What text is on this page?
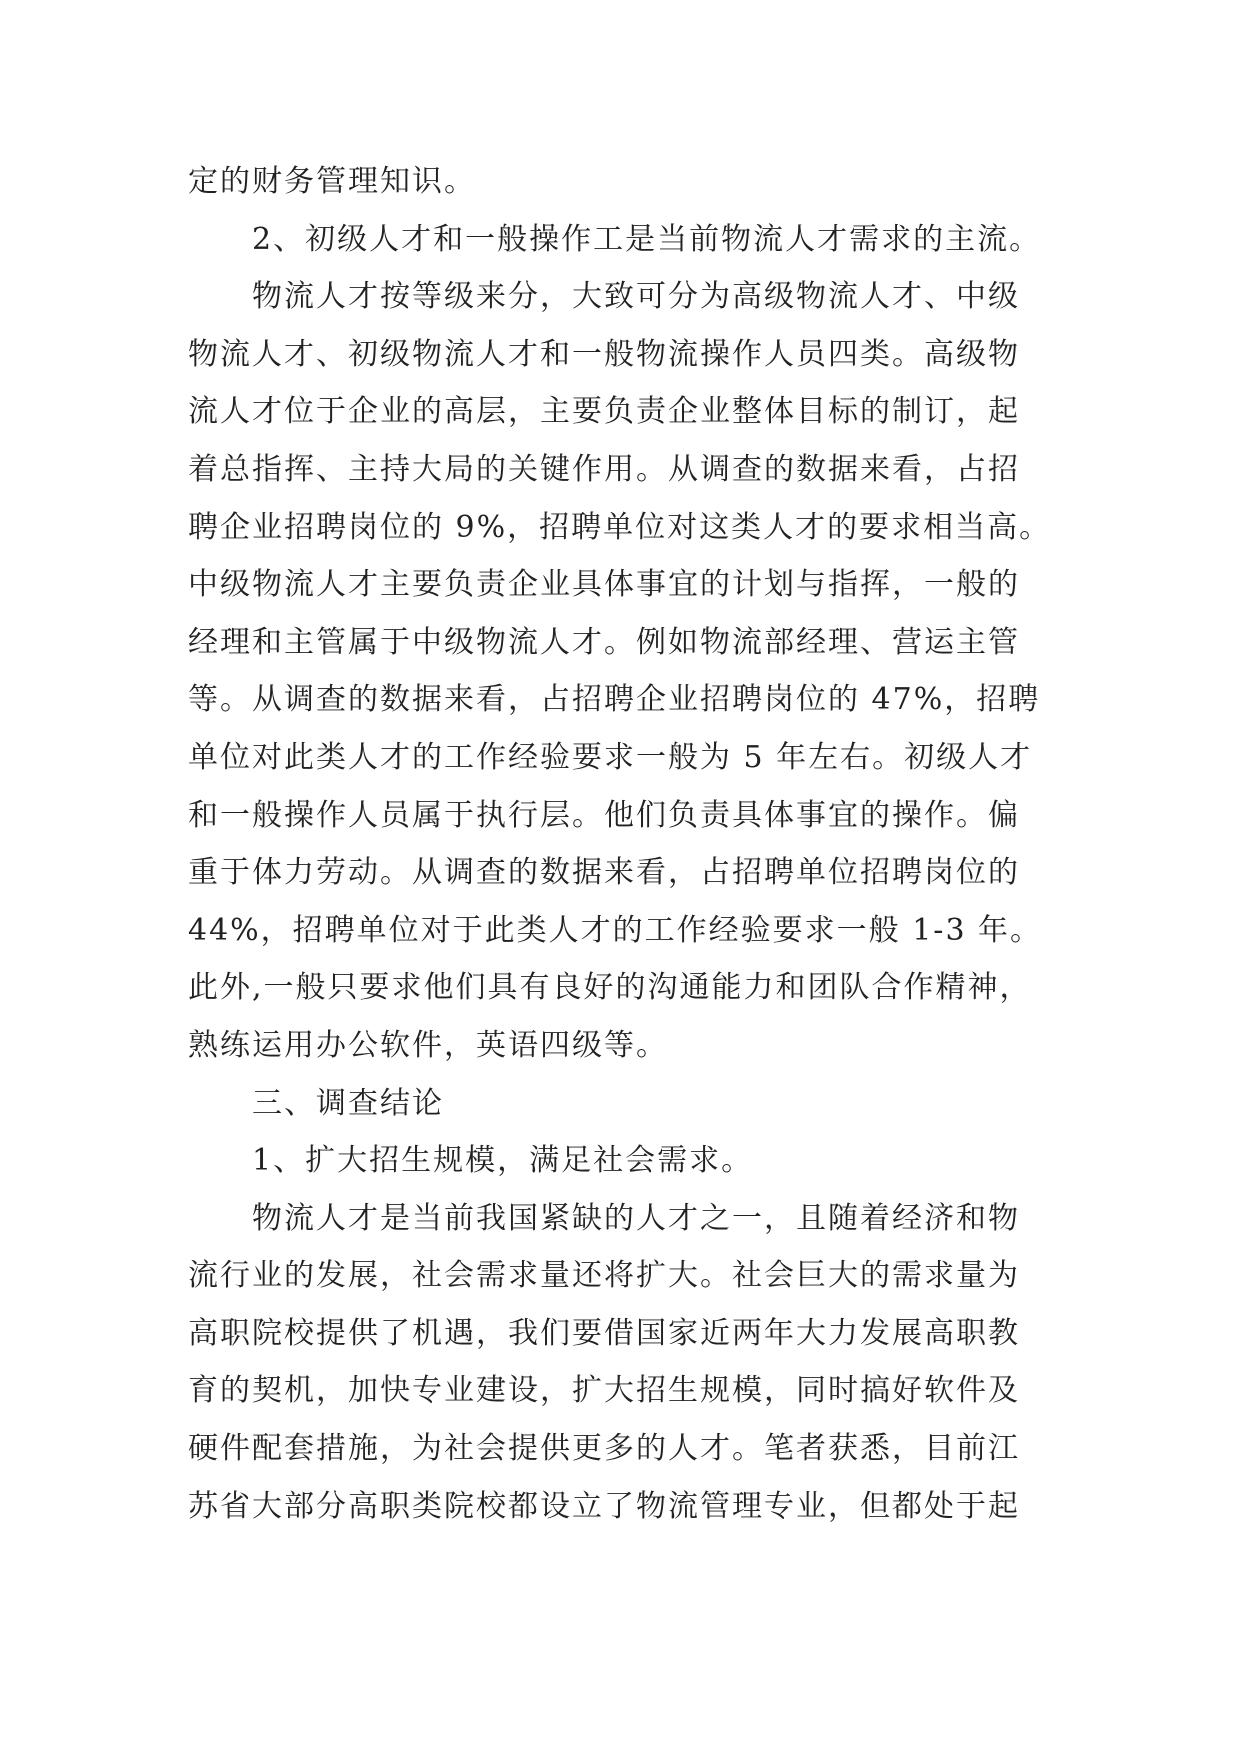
定的财务管理知识。
2、初级人才和一般操作工是当前物流人才需求的主流。
物流人才按等级来分，大致可分为高级物流人才、中级
物流人才、初级物流人才和一般物流操作人员四类。高级物
流人才位于企业的高层，主要负责企业整体目标的制订，起
着总指挥、主持大局的关键作用。从调查的数据来看，占招
聘企业招聘岗位的 9%，招聘单位对这类人才的要求相当高。
中级物流人才主要负责企业具体事宜的计划与指挥，一般的
经理和主管属于中级物流人才。例如物流部经理、营运主管
等。从调查的数据来看，占招聘企业招聘岗位的 47%，招聘
单位对此类人才的工作经验要求一般为 5 年左右。初级人才
和一般操作人员属于执行层。他们负责具体事宜的操作。偏
重于体力劳动。从调查的数据来看，占招聘单位招聘岗位的
44%，招聘单位对于此类人才的工作经验要求一般 1-3 年。
此外,一般只要求他们具有良好的沟通能力和团队合作精神，
熟练运用办公软件，英语四级等。
三、调查结论
1、扩大招生规模，满足社会需求。
物流人才是当前我国紧缺的人才之一，且随着经济和物
流行业的发展，社会需求量还将扩大。社会巨大的需求量为
高职院校提供了机遇，我们要借国家近两年大力发展高职教
育的契机，加快专业建设，扩大招生规模，同时搞好软件及
硬件配套措施，为社会提供更多的人才。笔者获悉，目前江
苏省大部分高职类院校都设立了物流管理专业，但都处于起
